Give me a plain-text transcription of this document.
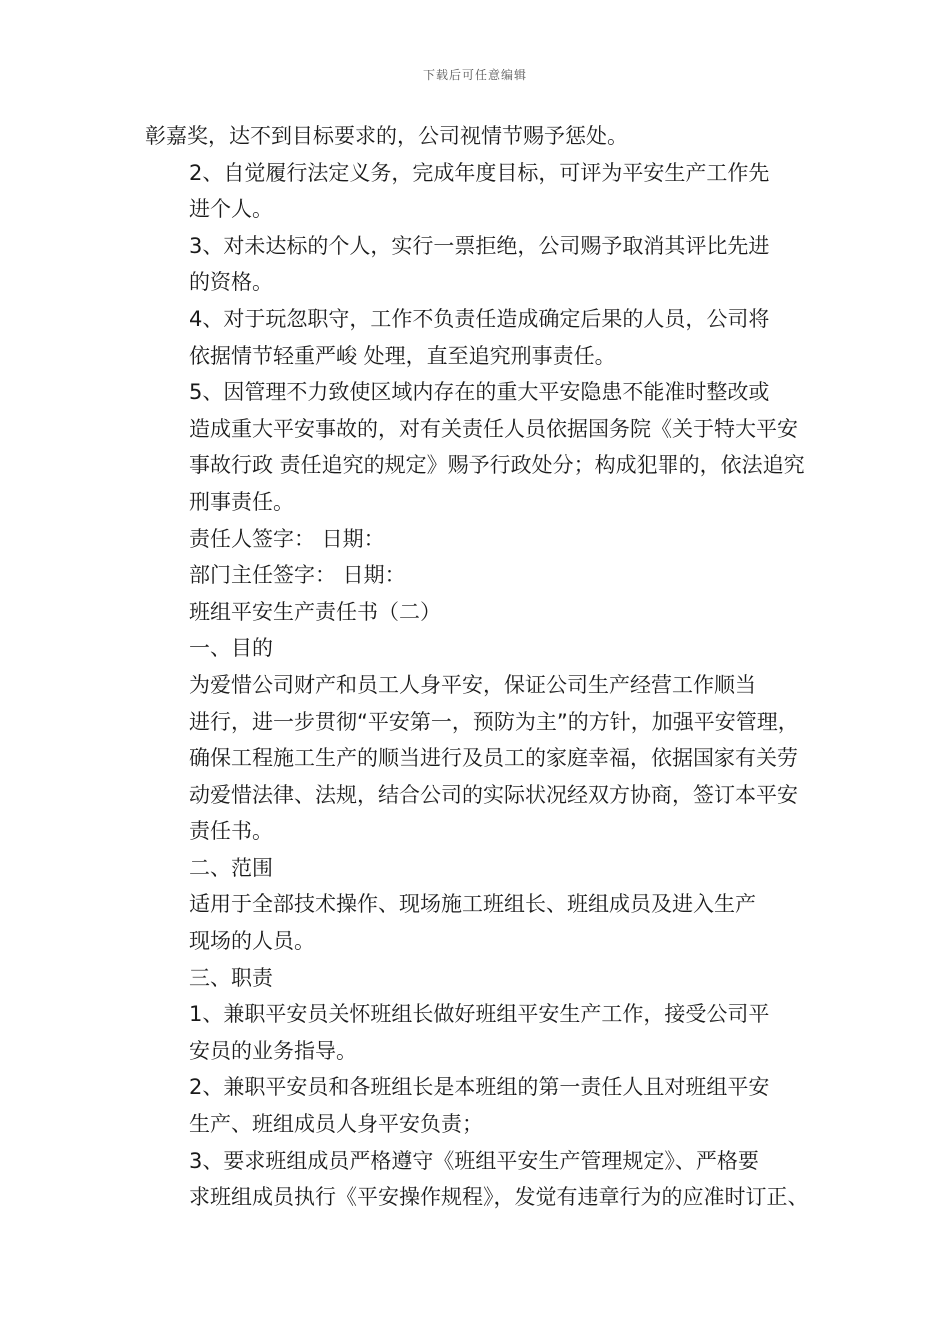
下载后可任意编辑
彰嘉奖，达不到目标要求的，公司视情节赐予惩处。
2、自觉履行法定义务，完成年度目标，可评为平安生产工作先
进个人。
3、对未达标的个人，实行一票拒绝，公司赐予取消其评比先进
的资格。
4、对于玩忽职守，工作不负责任造成确定后果的人员，公司将
依据情节轻重严峻 处理，直至追究刑事责任。
5、因管理不力致使区域内存在的重大平安隐患不能准时整改或
造成重大平安事故的，对有关责任人员依据国务院《关于特大平安
事故行政 责任追究的规定》赐予行政处分；构成犯罪的，依法追究
刑事责任。
责任人签字： 日期：
部门主任签字： 日期：
班组平安生产责任书（二）
一、目的
为爱惜公司财产和员工人身平安，保证公司生产经营工作顺当
进行，进一步贯彻“平安第一，预防为主”的方针，加强平安管理，
确保工程施工生产的顺当进行及员工的家庭幸福，依据国家有关劳
动爱惜法律、法规，结合公司的实际状况经双方协商，签订本平安
责任书。
二、范围
适用于全部技术操作、现场施工班组长、班组成员及进入生产
现场的人员。
三、职责
1、兼职平安员关怀班组长做好班组平安生产工作，接受公司平
安员的业务指导。
2、兼职平安员和各班组长是本班组的第一责任人且对班组平安
生产、班组成员人身平安负责；
3、要求班组成员严格遵守《班组平安生产管理规定》、严格要
求班组成员执行《平安操作规程》，发觉有违章行为的应准时订正、
